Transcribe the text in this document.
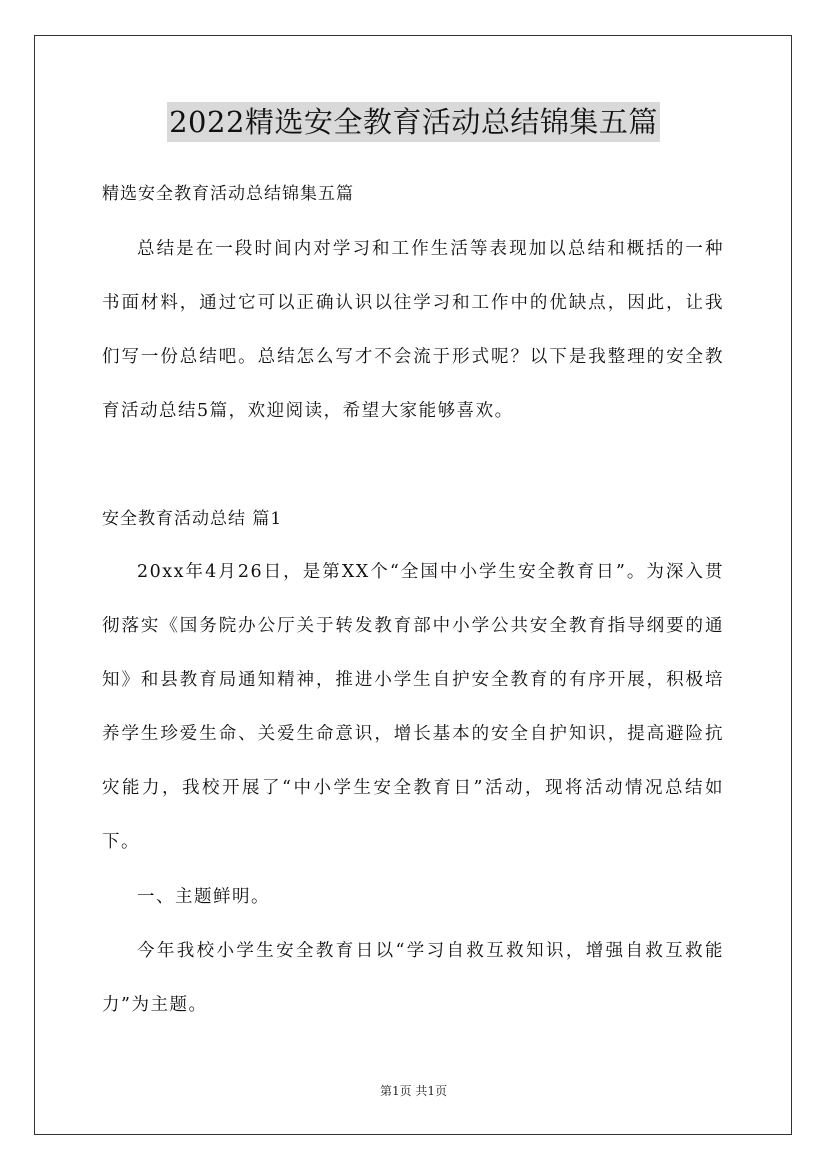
2022精选安全教育活动总结锦集五篇
精选安全教育活动总结锦集五篇

总结是在一段时间内对学习和工作生活等表现加以总结和概括的一种书面材料，通过它可以正确认识以往学习和工作中的优缺点，因此，让我们写一份总结吧。总结怎么写才不会流于形式呢？以下是我整理的安全教育活动总结5篇，欢迎阅读，希望大家能够喜欢。

安全教育活动总结 篇1

20xx年4月26日，是第XX个“全国中小学生安全教育日”。为深入贯彻落实《国务院办公厅关于转发教育部中小学公共安全教育指导纲要的通知》和县教育局通知精神，推进小学生自护安全教育的有序开展，积极培养学生珍爱生命、关爱生命意识，增长基本的安全自护知识，提高避险抗灾能力，我校开展了“中小学生安全教育日”活动，现将活动情况总结如下。

一、主题鲜明。

今年我校小学生安全教育日以“学习自救互救知识，增强自救互救能力”为主题。

第1页 共1页
